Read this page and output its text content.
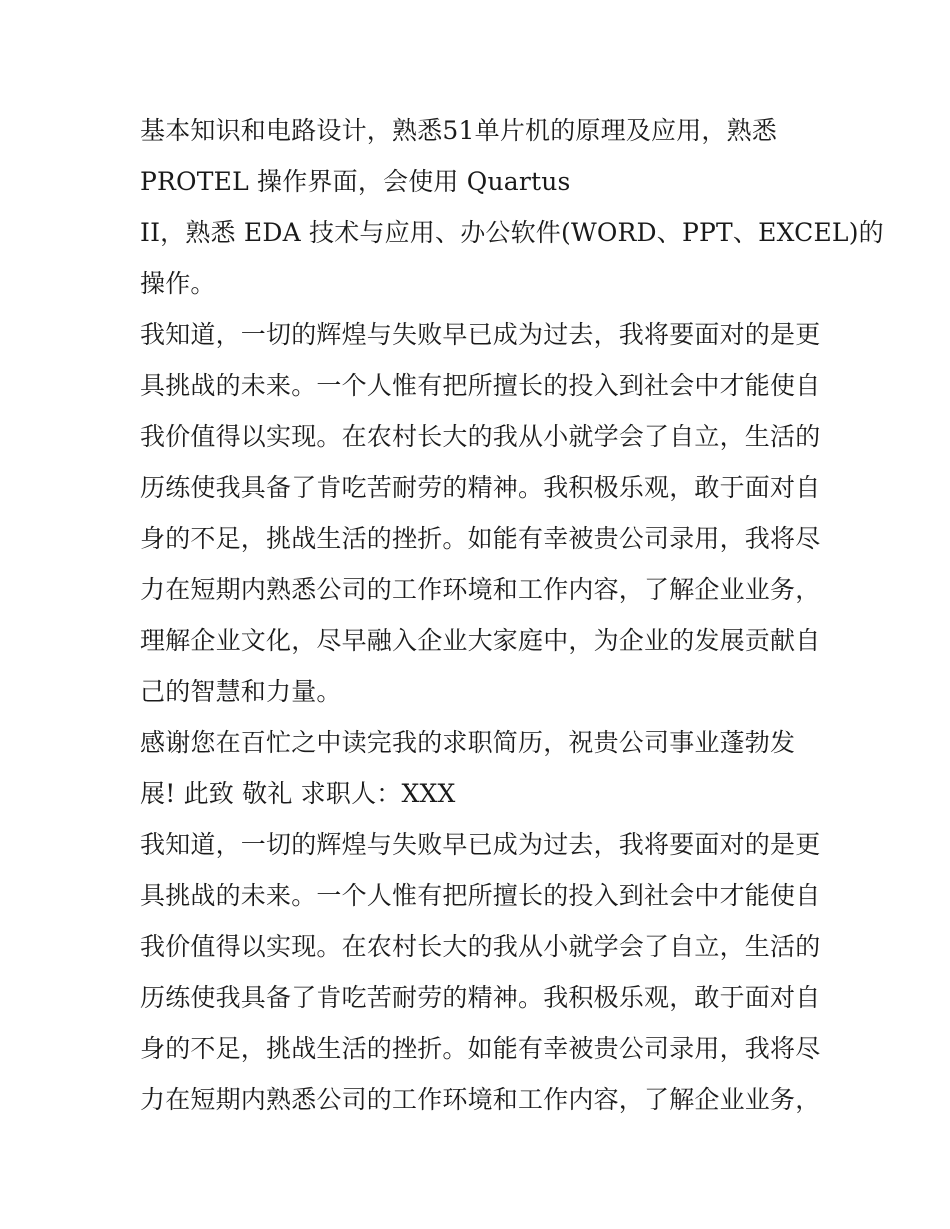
基本知识和电路设计，熟悉51单片机的原理及应用，熟悉
PROTEL 操作界面，会使用 Quartus
II，熟悉 EDA 技术与应用、办公软件(WORD、PPT、EXCEL)的
操作。
我知道，一切的辉煌与失败早已成为过去，我将要面对的是更
具挑战的未来。一个人惟有把所擅长的投入到社会中才能使自
我价值得以实现。在农村长大的我从小就学会了自立，生活的
历练使我具备了肯吃苦耐劳的精神。我积极乐观，敢于面对自
身的不足，挑战生活的挫折。如能有幸被贵公司录用，我将尽
力在短期内熟悉公司的工作环境和工作内容，了解企业业务，
理解企业文化，尽早融入企业大家庭中，为企业的发展贡献自
己的智慧和力量。
感谢您在百忙之中读完我的求职简历，祝贵公司事业蓬勃发
展! 此致 敬礼 求职人：XXX
我知道，一切的辉煌与失败早已成为过去，我将要面对的是更
具挑战的未来。一个人惟有把所擅长的投入到社会中才能使自
我价值得以实现。在农村长大的我从小就学会了自立，生活的
历练使我具备了肯吃苦耐劳的精神。我积极乐观，敢于面对自
身的不足，挑战生活的挫折。如能有幸被贵公司录用，我将尽
力在短期内熟悉公司的工作环境和工作内容，了解企业业务，
